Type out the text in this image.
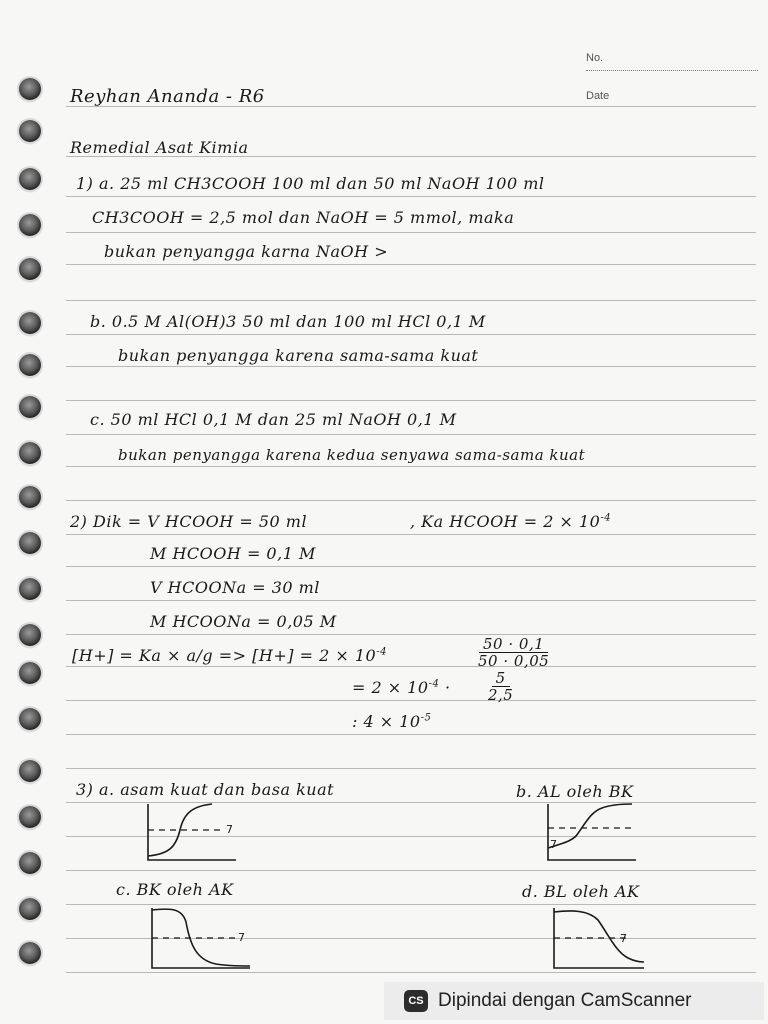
No.
Date
Reyhan Ananda - R6
Remedial Asat Kimia
1) a. 25 ml CH3COOH 100 ml dan 50 ml NaOH 100 ml
CH3COOH = 2,5 mol dan NaOH = 5 mmol, maka
bukan penyangga karna NaOH >
b. 0.5 M Al(OH)3 50 ml dan 100 ml HCl 0,1 M
bukan penyangga karena sama-sama kuat
c. 50 ml HCl 0,1 M dan 25 ml NaOH 0,1 M
bukan penyangga karena kedua senyawa sama-sama kuat
2) Dik = V HCOOH = 50 ml	, Ka HCOOH = $2 \times 10^{-4}$
M HCOOH = 0,1 M
V HCOONa = 30 ml
M HCOONa = 0,05 M
$[H+] = Ka \times a/g => [H+] = 2 \times 10^{-4}$	50 · 0,1
50 · 0,05
= $2 \times 10^{-4}$ ·	5
2,5
: $4 \times 10^{-5}$
3) a. asam kuat dan basa kuat	b. AL oleh BK
c. BK oleh AK	d. BL oleh AK
7
7
7	7
CS Dipindai dengan CamScanner
